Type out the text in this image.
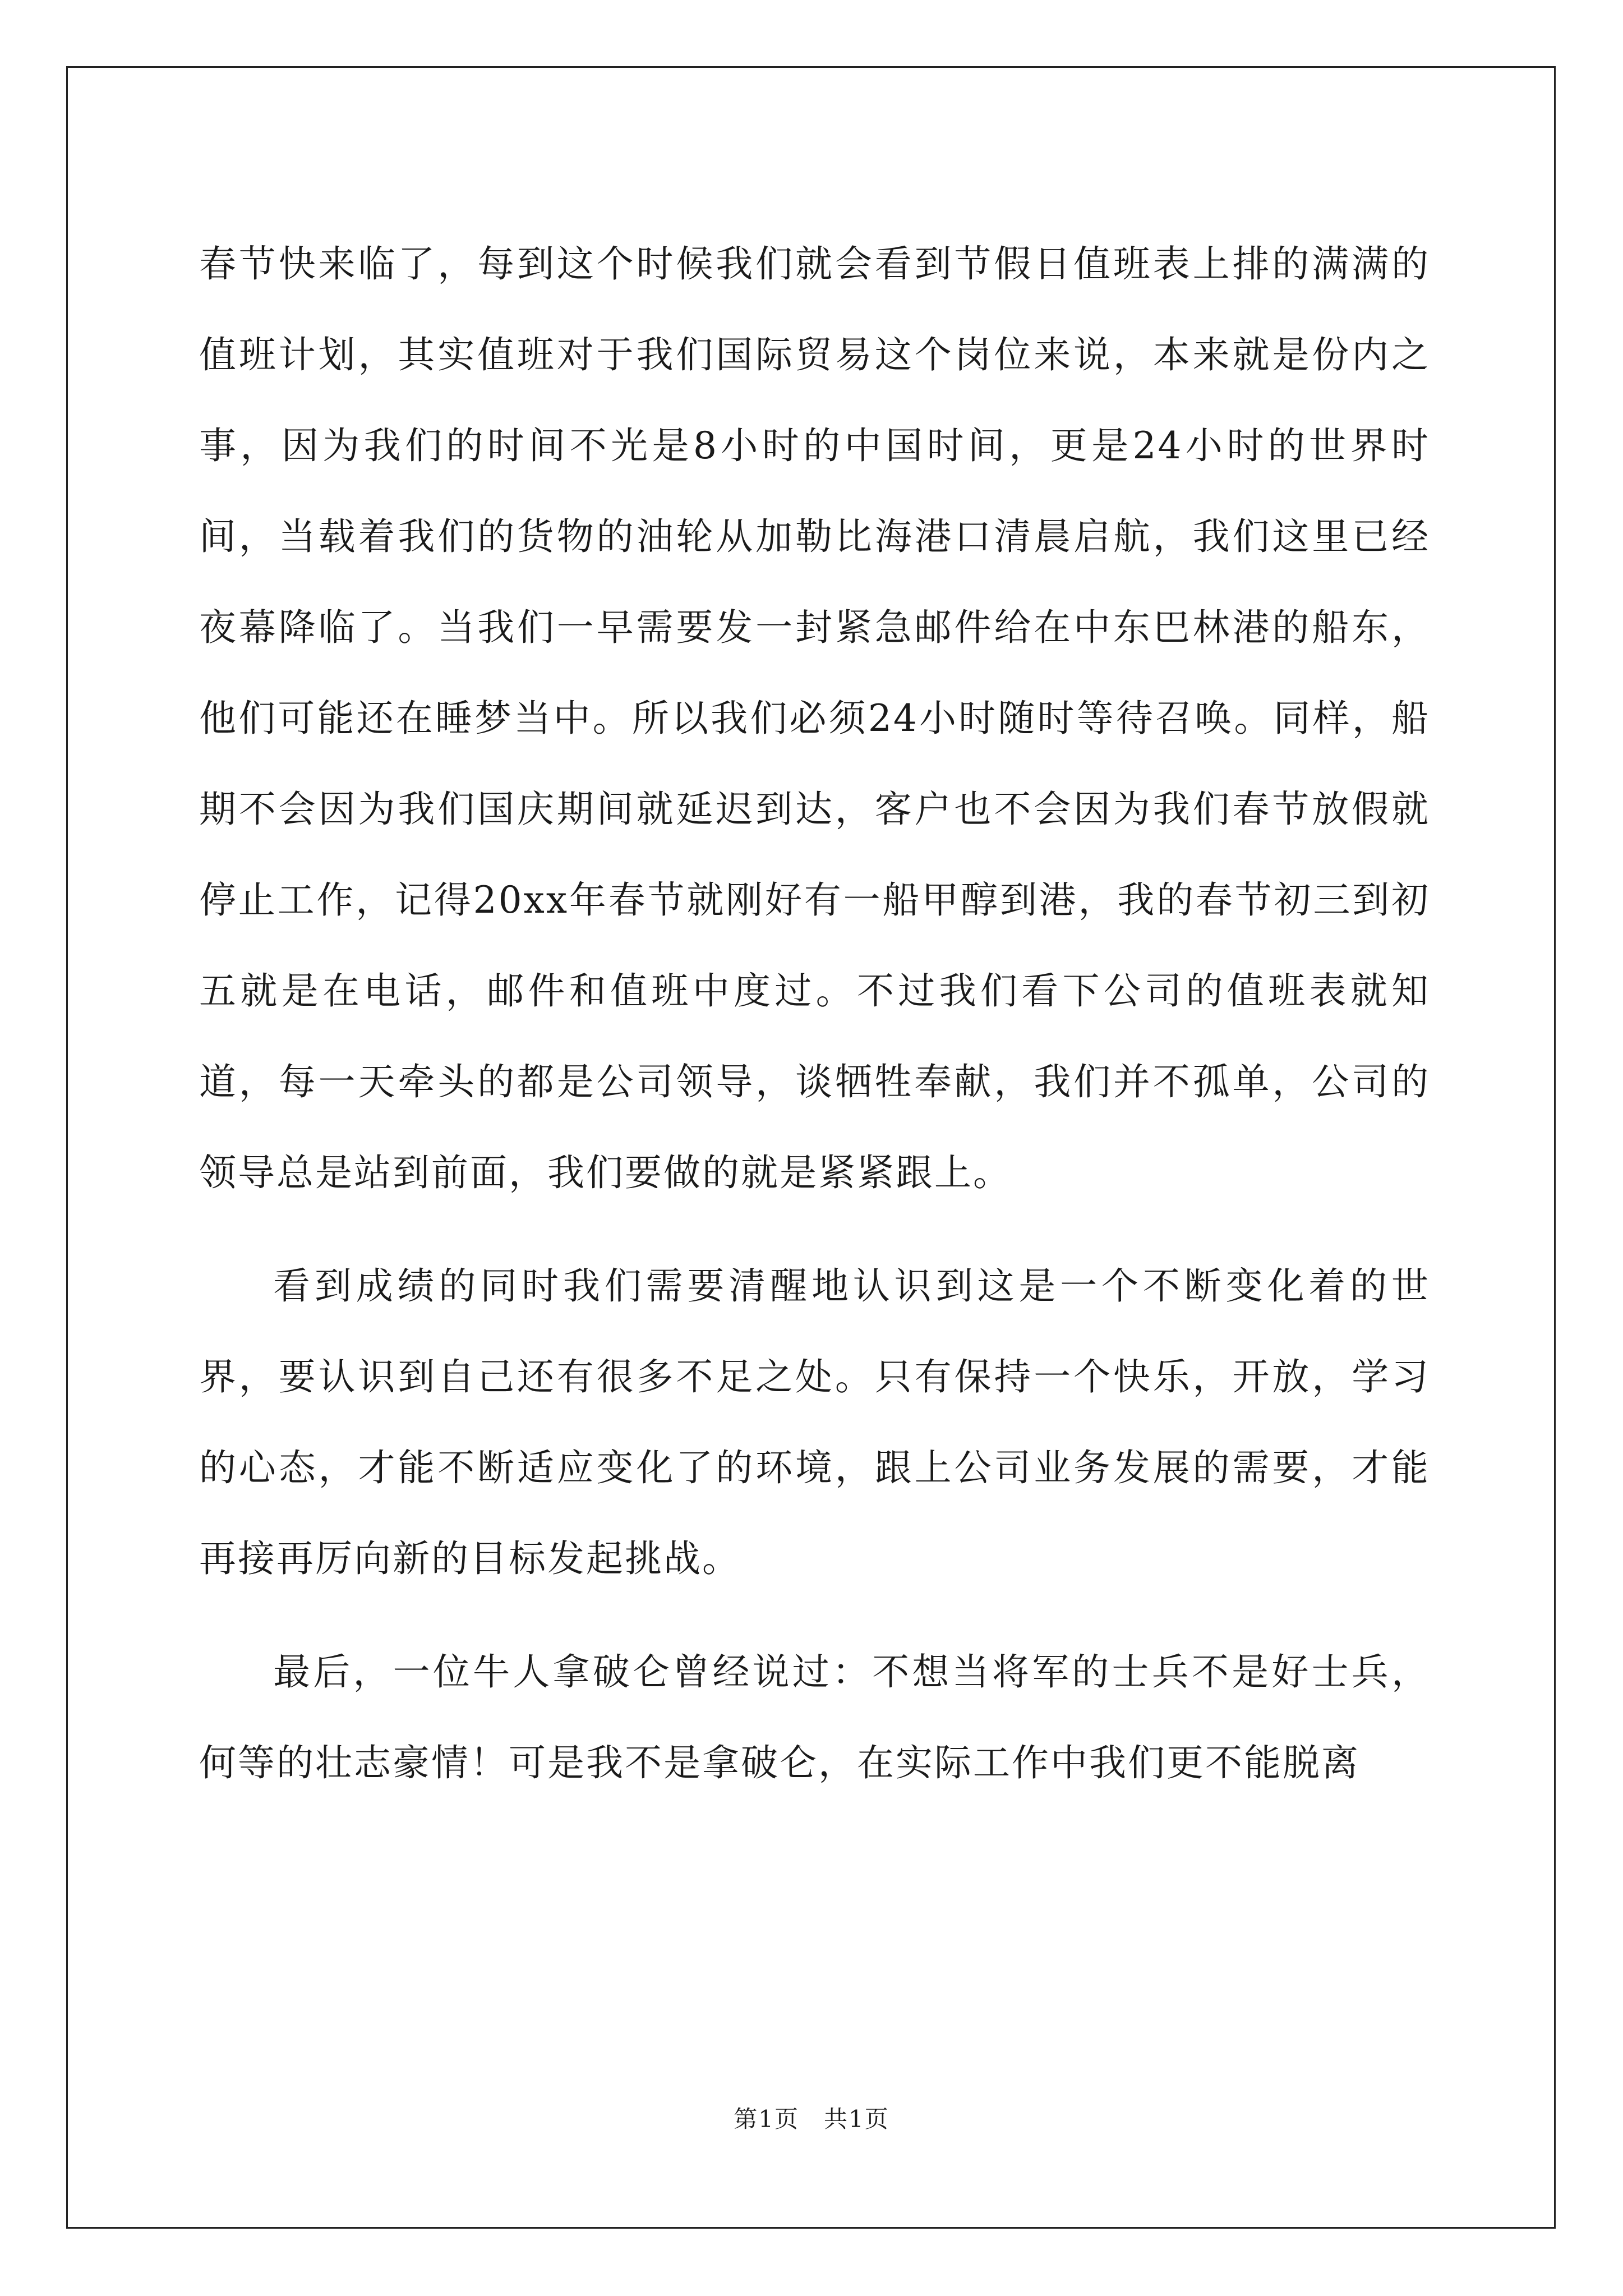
春节快来临了，每到这个时候我们就会看到节假日值班表上排的满满的值班计划，其实值班对于我们国际贸易这个岗位来说，本来就是份内之事，因为我们的时间不光是8小时的中国时间，更是24小时的世界时间，当载着我们的货物的油轮从加勒比海港口清晨启航，我们这里已经夜幕降临了。当我们一早需要发一封紧急邮件给在中东巴林港的船东，他们可能还在睡梦当中。所以我们必须24小时随时等待召唤。同样，船期不会因为我们国庆期间就延迟到达，客户也不会因为我们春节放假就停止工作，记得20xx年春节就刚好有一船甲醇到港，我的春节初三到初五就是在电话，邮件和值班中度过。不过我们看下公司的值班表就知道，每一天牵头的都是公司领导，谈牺牲奉献，我们并不孤单，公司的领导总是站到前面，我们要做的就是紧紧跟上。

看到成绩的同时我们需要清醒地认识到这是一个不断变化着的世界，要认识到自己还有很多不足之处。只有保持一个快乐，开放，学习的心态，才能不断适应变化了的环境，跟上公司业务发展的需要，才能再接再厉向新的目标发起挑战。

最后，一位牛人拿破仑曾经说过：不想当将军的士兵不是好士兵，何等的壮志豪情！可是我不是拿破仑，在实际工作中我们更不能脱离

第1页　共1页
